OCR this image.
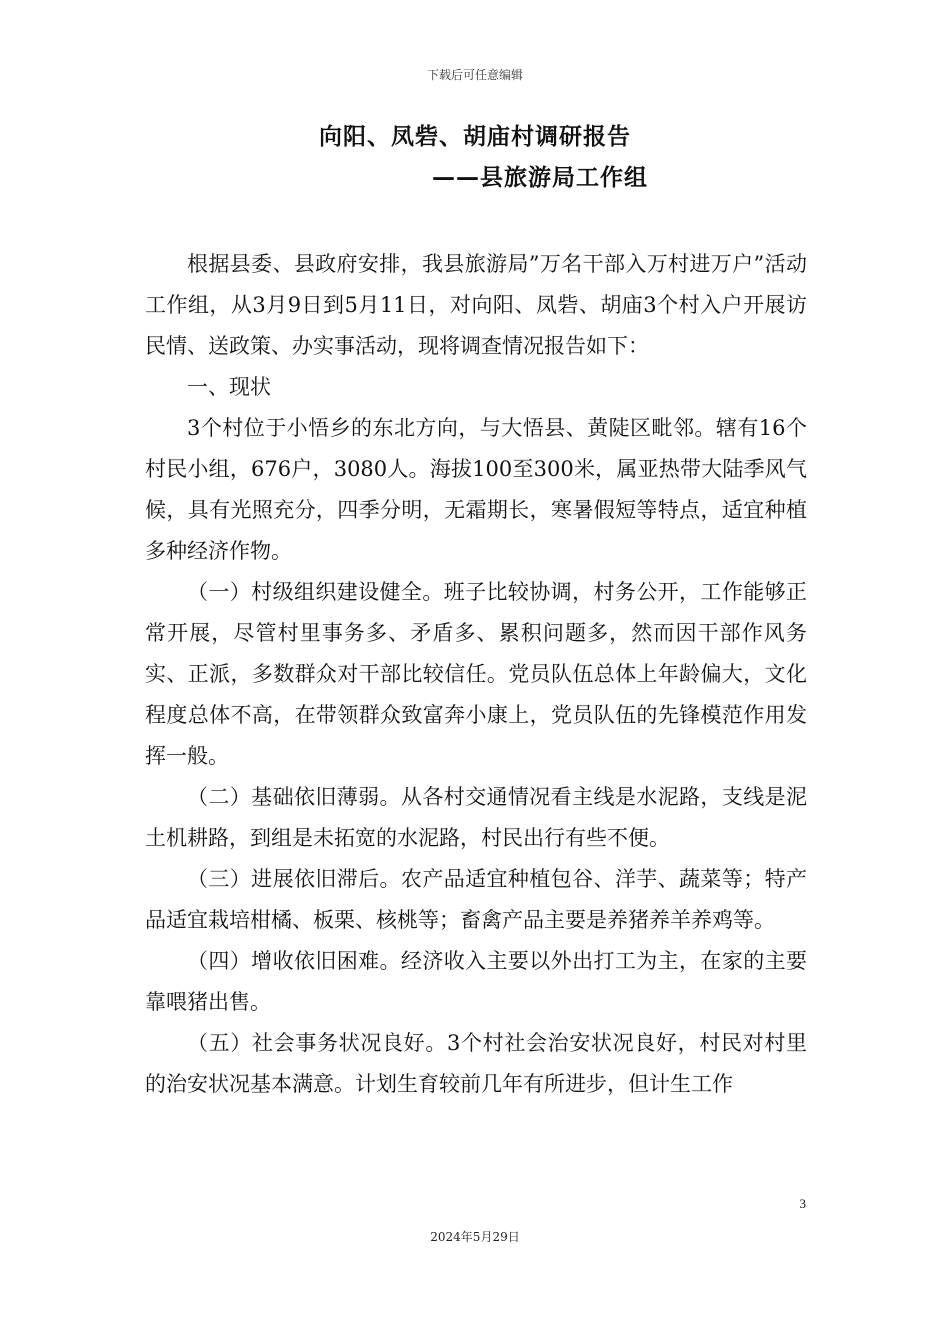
下载后可任意编辑
向阳、凤砦、胡庙村调研报告
——县旅游局工作组

根据县委、县政府安排，我县旅游局”万名干部入万村进万户”活动工作组，从3月9日到5月11日，对向阳、凤砦、胡庙3个村入户开展访民情、送政策、办实事活动，现将调查情况报告如下：

一、现状

3个村位于小悟乡的东北方向，与大悟县、黄陡区毗邻。辖有16个村民小组，676户，3080人。海拔100至300米，属亚热带大陆季风气候，具有光照充分，四季分明，无霜期长，寒暑假短等特点，适宜种植多种经济作物。

（一）村级组织建设健全。班子比较协调，村务公开，工作能够正常开展，尽管村里事务多、矛盾多、累积问题多，然而因干部作风务实、正派，多数群众对干部比较信任。党员队伍总体上年龄偏大，文化程度总体不高，在带领群众致富奔小康上，党员队伍的先锋模范作用发挥一般。

（二）基础依旧薄弱。从各村交通情况看主线是水泥路，支线是泥土机耕路，到组是未拓宽的水泥路，村民出行有些不便。

（三）进展依旧滞后。农产品适宜种植包谷、洋芋、蔬菜等；特产品适宜栽培柑橘、板栗、核桃等；畜禽产品主要是养猪养羊养鸡等。

（四）增收依旧困难。经济收入主要以外出打工为主，在家的主要靠喂猪出售。

（五）社会事务状况良好。3个村社会治安状况良好，村民对村里的治安状况基本满意。计划生育较前几年有所进步，但计生工作

3
2024年5月29日
